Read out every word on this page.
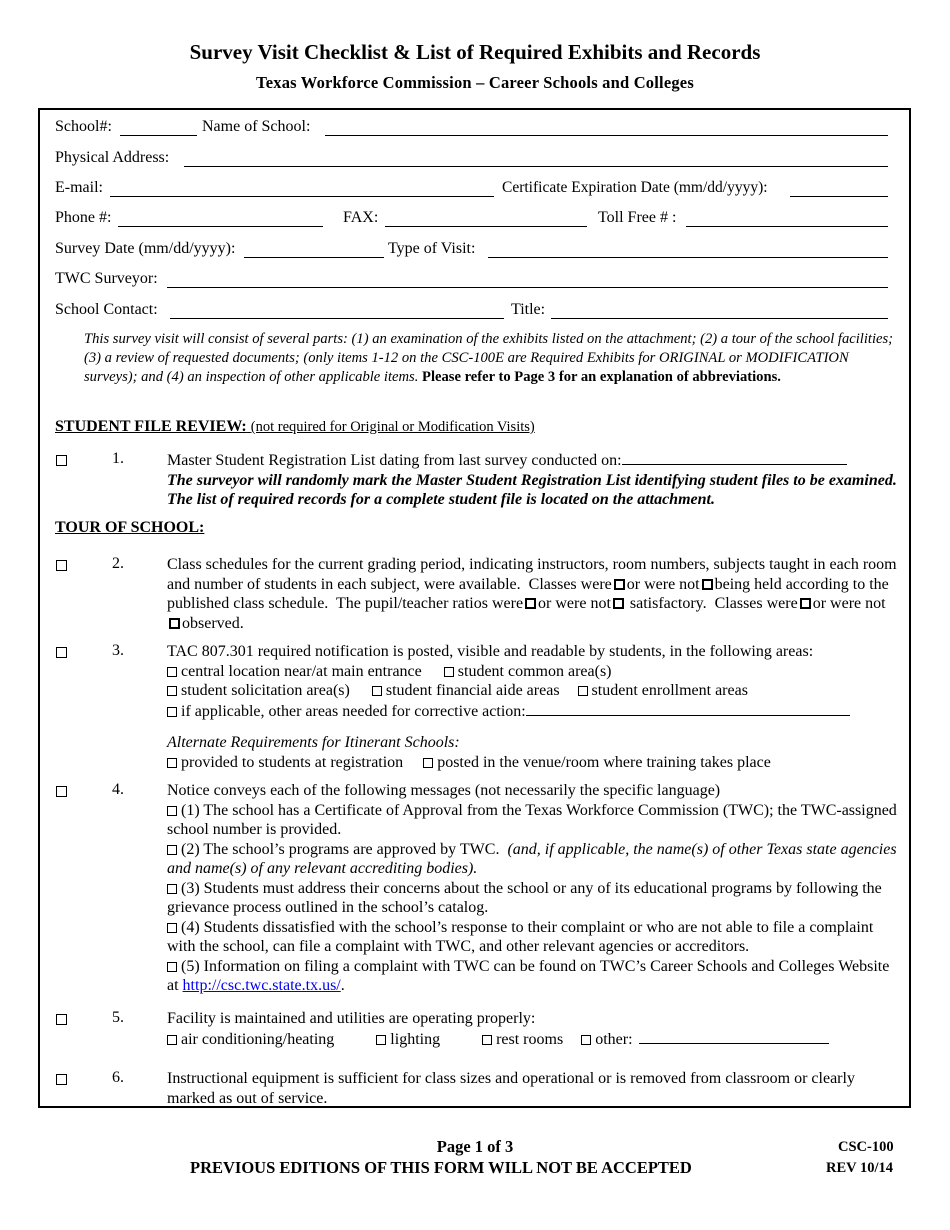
Survey Visit Checklist & List of Required Exhibits and Records
Texas Workforce Commission – Career Schools and Colleges
School#:	Name of School:
Physical Address:
E-mail:	Certificate Expiration Date (mm/dd/yyyy):
Phone #:	FAX:	Toll Free # :
Survey Date (mm/dd/yyyy):	Type of Visit:
TWC Surveyor:
School Contact:	Title:
This survey visit will consist of several parts: (1) an examination of the exhibits listed on the attachment; (2) a tour of the school facilities; (3) a review of requested documents; (only items 1-12 on the CSC-100E are Required Exhibits for ORIGINAL or MODIFICATION surveys); and (4) an inspection of other applicable items. Please refer to Page 3 for an explanation of abbreviations.
STUDENT FILE REVIEW: (not required for Original or Modification Visits)
1.	Master Student Registration List dating from last survey conducted on:
The surveyor will randomly mark the Master Student Registration List identifying student files to be examined. The list of required records for a complete student file is located on the attachment.
TOUR OF SCHOOL:
2.	Class schedules for the current grading period, indicating instructors, room numbers, subjects taught in each room and number of students in each subject, were available. Classes were or were not being held according to the published class schedule. The pupil/teacher ratios were or were not satisfactory. Classes were or were notobserved.
3.	TAC 807.301 required notification is posted, visible and readable by students, in the following areas:
central location near/at main entrance student common area(s)
student solicitation area(s) student financial aide areas student enrollment areas
if applicable, other areas needed for corrective action:
Alternate Requirements for Itinerant Schools:
provided to students at registration posted in the venue/room where training takes place
4.	Notice conveys each of the following messages (not necessarily the specific language)
(1) The school has a Certificate of Approval from the Texas Workforce Commission (TWC); the TWC-assigned school number is provided.
(2) The school’s programs are approved by TWC. (and, if applicable, the name(s) of other Texas state agencies and name(s) of any relevant accrediting bodies).
(3) Students must address their concerns about the school or any of its educational programs by following the grievance process outlined in the school’s catalog.
(4) Students dissatisfied with the school’s response to their complaint or who are not able to file a complaint with the school, can file a complaint with TWC, and other relevant agencies or accreditors.
(5) Information on filing a complaint with TWC can be found on TWC’s Career Schools and Colleges Website at http://csc.twc.state.tx.us/.
5.	Facility is maintained and utilities are operating properly:
air conditioning/heating	lighting	rest rooms other:
6.	Instructional equipment is sufficient for class sizes and operational or is removed from classroom or clearly marked as out of service.
Page 1 of 3
PREVIOUS EDITIONS OF THIS FORM WILL NOT BE ACCEPTED
CSC-100
REV 10/14
